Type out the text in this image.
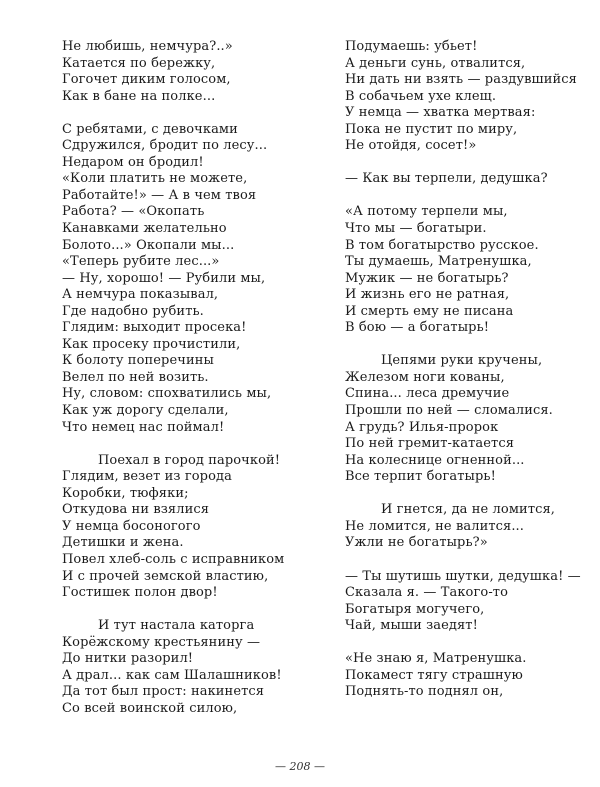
Не любишь, немчура?..»
Катается по бережку,
Гогочет диким голосом,
Как в бане на полке...
С ребятами, с девочками
Сдружился, бродит по лесу...
Недаром он бродил!
«Коли платить не можете,
Работайте!» — А в чем твоя
Работа? — «Окопать
Канавками желательно
Болото...» Окопали мы...
«Теперь рубите лес...»
— Ну, хорошо! — Рубили мы,
А немчура показывал,
Где надобно рубить.
Глядим: выходит просека!
Как просеку прочистили,
К болоту поперечины
Велел по ней возить.
Ну, словом: спохватились мы,
Как уж дорогу сделали,
Что немец нас поймал!
Поехал в город парочкой!
Глядим, везет из города
Коробки, тюфяки;
Откудова ни взялися
У немца босоногого
Детишки и жена.
Повел хлеб-соль с исправником
И с прочей земской властию,
Гостишек полон двор!
И тут настала каторга
Корёжскому крестьянину —
До нитки разорил!
А драл... как сам Шалашников!
Да тот был прост: накинется
Со всей воинской силою,
Подумаешь: убьет!
А деньги сунь, отвалится,
Ни дать ни взять — раздувшийся
В собачьем ухе клещ.
У немца — хватка мертвая:
Пока не пустит по миру,
Не отойдя, сосет!»
— Как вы терпели, дедушка?
«А потому терпели мы,
Что мы — богатыри.
В том богатырство русское.
Ты думаешь, Матренушка,
Мужик — не богатырь?
И жизнь его не ратная,
И смерть ему не писана
В бою — а богатырь!
Цепями руки кручены,
Железом ноги кованы,
Спина... леса дремучие
Прошли по ней — сломалися.
А грудь? Илья-пророк
По ней гремит-катается
На колеснице огненной...
Все терпит богатырь!
И гнется, да не ломится,
Не ломится, не валится...
Ужли не богатырь?»
— Ты шутишь шутки, дедушка! —
Сказала я. — Такого-то
Богатыря могучего,
Чай, мыши заедят!
«Не знаю я, Матренушка.
Покамест тягу страшную
Поднять-то поднял он,
— 208 —
